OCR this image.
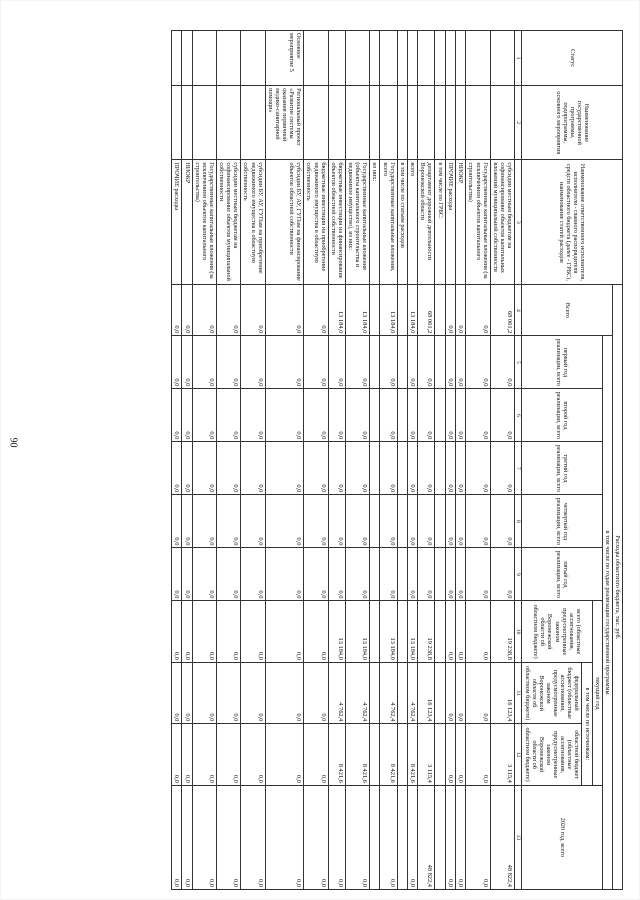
90
Статус	Наименование государственной программы, подпрограммы, основного мероприятия	Наименование ответственного исполнителя, исполнителя - главного распорядителя средств областного бюджета (далее - ГРБС), наименование статей расходов	Расходы областного бюджета, тыс. руб.									
			Всего	в том числе по годам реализации государственной программы								
				первый год реализации, всего	второй год реализации, всего	третий год реализации, всего	четвертый год реализации, всего	пятый год реализации, всего	текущий год			2020 год, всего
									всего (областные ассигнования, предусмотренные законом Воронежской области об областном бюджете)	в том числе по источникам:		
										федеральный бюджет (областные ассигнования, предусмотренные законом Воронежской области об областном бюджете)	областной бюджет (областные ассигнования, предусмотренные законом Воронежской области об областном бюджете)	
1	2	3	4	5	6	7	8	9	10	11	12	13
		субсидии местным бюджетам на софинансирование объектов капитальных вложений муниципальной собственности	68 061,2	0,0	0,0	0,0	0,0	0,0	19 238,8	16 123,4	3 115,4	48 822,4
		Государственные капитальные вложения (за исключением объектов капитального строительства)	0,0	0,0	0,0	0,0	0,0	0,0	0,0	0,0	0,0	0,0
		НИОКР	0,0	0,0	0,0	0,0	0,0	0,0	0,0	0,0	0,0	0,0
		ПРОЧИЕ расходы	0,0	0,0	0,0	0,0	0,0	0,0	0,0	0,0	0,0	0,0
		в том числе по ГРБС:										
		департамент дорожной деятельности Воронежской области	68 061,2	0,0	0,0	0,0	0,0	0,0	19 238,8	16 123,4	3 115,4	48 822,4
		всего	13 184,0	0,0	0,0	0,0	0,0	0,0	13 184,0	4 762,4	8 421,6	0,0
		в том числе по статьям расходов										
		Государственные капитальные вложения, всего	13 184,0	0,0	0,0	0,0	0,0	0,0	13 184,0	4 762,4	8 421,6	0,0
		из них:										
		Государственные капитальные вложения (объекты капитального строительства и недвижимое имущество), из них:	13 184,0	0,0	0,0	0,0	0,0	0,0	13 184,0	4 762,4	8 421,6	0,0
		бюджетные инвестиции на финансирование объектов областной собственности	13 184,0	0,0	0,0	0,0	0,0	0,0	13 184,0	4 762,4	8 421,6	0,0
		бюджетные инвестиции на приобретение недвижимого имущества в областную собственность	0,0	0,0	0,0	0,0	0,0	0,0	0,0	0,0	0,0	0,0
Основное мероприятие 5	Региональный проект «Развитие системы оказания первичной медико-санитарной помощи»	субсидии БУ, АУ, ГУПам на финансирование объектов областной собственности	0,0	0,0	0,0	0,0	0,0	0,0	0,0	0,0	0,0	0,0
		субсидии БУ, АУ, ГУПам на приобретение недвижимого имущества в областную собственность	0,0	0,0	0,0	0,0	0,0	0,0	0,0	0,0	0,0	0,0
		субсидии местным бюджетам на софинансирование объектов муниципальной собственности	0,0	0,0	0,0	0,0	0,0	0,0	0,0	0,0	0,0	0,0
		Государственные капитальные вложения (за исключением объектов капитального строительства)	0,0	0,0	0,0	0,0	0,0	0,0	0,0	0,0	0,0	0,0
		НИОКР	0,0	0,0	0,0	0,0	0,0	0,0	0,0	0,0	0,0	0,0
		ПРОЧИЕ расходы	0,0	0,0	0,0	0,0	0,0	0,0	0,0	0,0	0,0	0,0
